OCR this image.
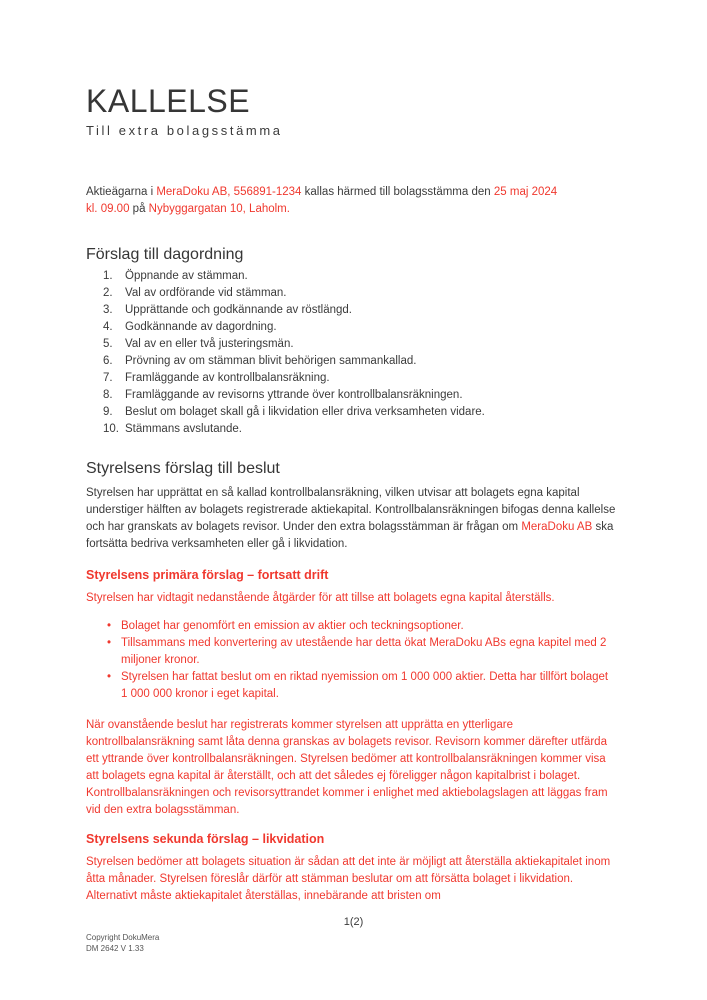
KALLELSE
Till extra bolagsstämma

Aktieägarna i MeraDoku AB, 556891-1234 kallas härmed till bolagsstämma den 25 maj 2024
kl. 09.00 på Nybyggargatan 10, Laholm.

Förslag till dagordning
1.	Öppnande av stämman.
2.	Val av ordförande vid stämman.
3.	Upprättande och godkännande av röstlängd.
4.	Godkännande av dagordning.
5.	Val av en eller två justeringsmän.
6.	Prövning av om stämman blivit behörigen sammankallad.
7.	Framläggande av kontrollbalansräkning.
8.	Framläggande av revisorns yttrande över kontrollbalansräkningen.
9.	Beslut om bolaget skall gå i likvidation eller driva verksamheten vidare.
10. Stämmans avslutande.
Styrelsens förslag till beslut

Styrelsen har upprättat en så kallad kontrollbalansräkning, vilken utvisar att bolagets egna kapital understiger hälften av bolagets registrerade aktiekapital. Kontrollbalansräkningen bifogas denna kallelse och har granskats av bolagets revisor. Under den extra bolagsstämman är frågan om MeraDoku AB ska fortsätta bedriva verksamheten eller gå i likvidation.

Styrelsens primära förslag – fortsatt drift

Styrelsen har vidtagit nedanstående åtgärder för att tillse att bolagets egna kapital återställs.

• Bolaget har genomfört en emission av aktier och teckningsoptioner.
• Tillsammans med konvertering av utestående har detta ökat MeraDoku ABs egna kapitel med 2 miljoner kronor.
• Styrelsen har fattat beslut om en riktad nyemission om 1 000 000 aktier. Detta har tillfört bolaget 1 000 000 kronor i eget kapital.

När ovanstående beslut har registrerats kommer styrelsen att upprätta en ytterligare kontrollbalansräkning samt låta denna granskas av bolagets revisor. Revisorn kommer därefter utfärda ett yttrande över kontrollbalansräkningen. Styrelsen bedömer att kontrollbalansräkningen kommer visa att bolagets egna kapital är återställt, och att det således ej föreligger någon kapitalbrist i bolaget. Kontrollbalansräkningen och revisorsyttrandet kommer i enlighet med aktiebolagslagen att läggas fram vid den extra bolagsstämman.

Styrelsens sekunda förslag – likvidation

Styrelsen bedömer att bolagets situation är sådan att det inte är möjligt att återställa aktiekapitalet inom åtta månader. Styrelsen föreslår därför att stämman beslutar om att försätta bolaget i likvidation. Alternativt måste aktiekapitalet återställas, innebärande att bristen om

1(2)
Copyright DokuMera
DM 2642 V 1.33
